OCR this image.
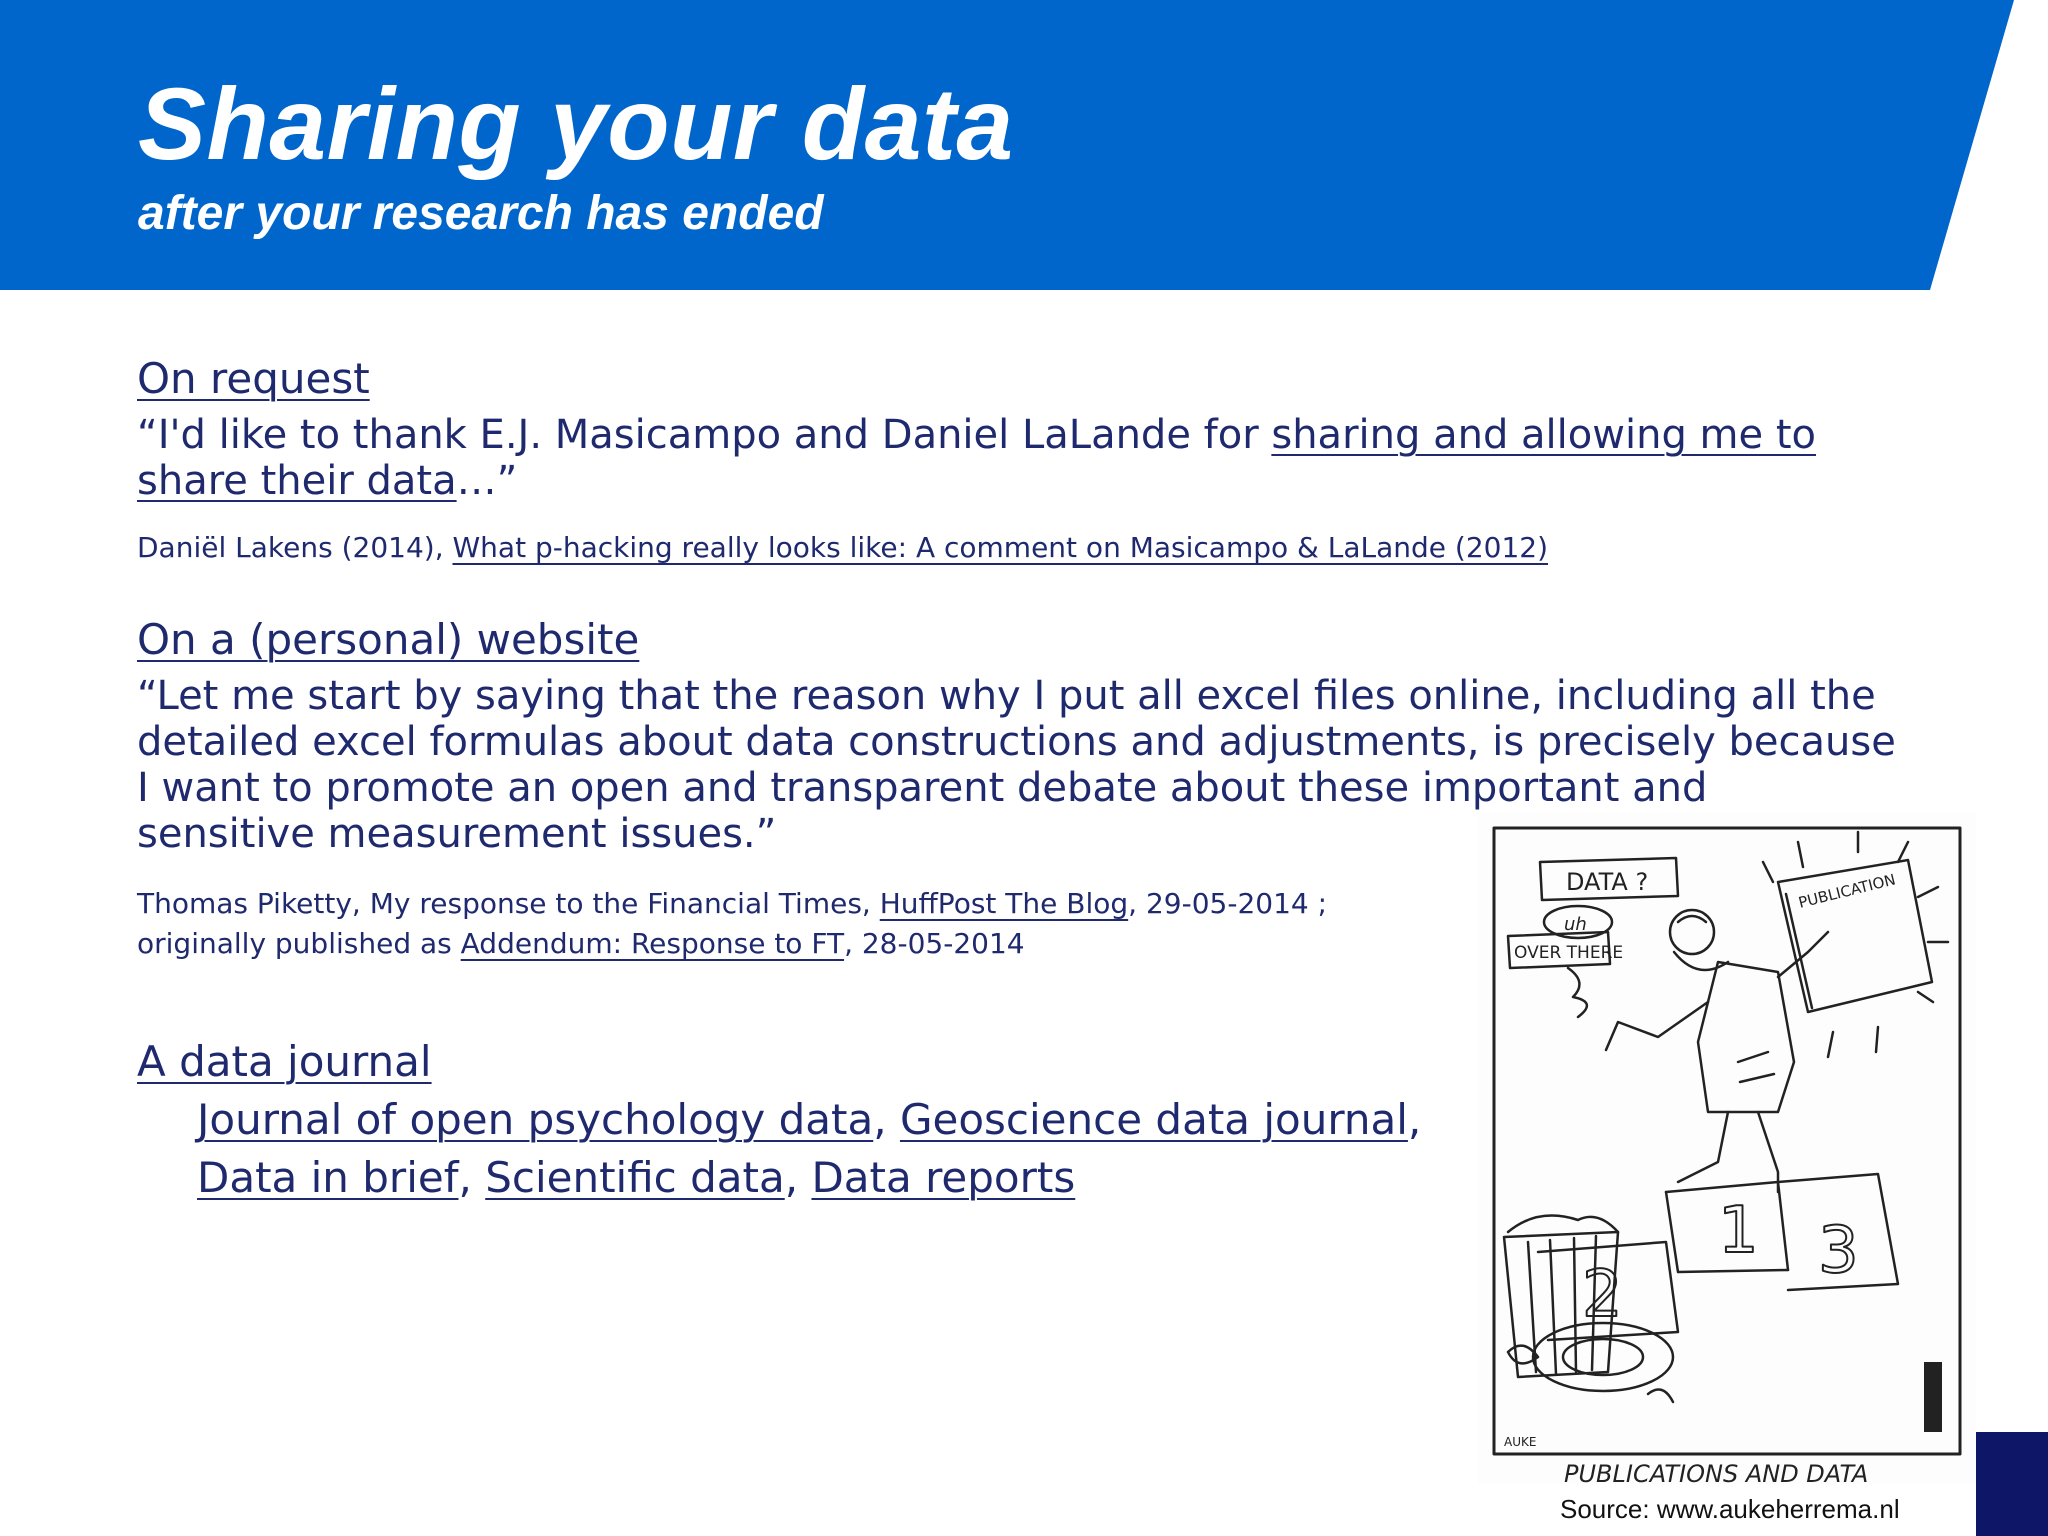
Sharing your data
after your research has ended
On request

“I'd like to thank E.J. Masicampo and Daniel LaLande for sharing and allowing me to share their data…”

Daniël Lakens (2014), What p-hacking really looks like: A comment on Masicampo & LaLande (2012)

On a (personal) website

“Let me start by saying that the reason why I put all excel files online, including all the detailed excel formulas about data constructions and adjustments, is precisely because I want to promote an open and transparent debate about these important and sensitive measurement issues.”

Thomas Piketty, My response to the Financial Times, HuffPost The Blog, 29-05-2014 ;
originally published as Addendum: Response to FT, 28-05-2014

A data journal

Journal of open psychology data, Geoscience data journal,

Data in brief, Scientific data, Data reports

DATA ?
uh
OVER THERE
PUBLICATION
1
2
3
AUKE
PUBLICATIONS AND DATA

Source: www.aukeherrema.nl
